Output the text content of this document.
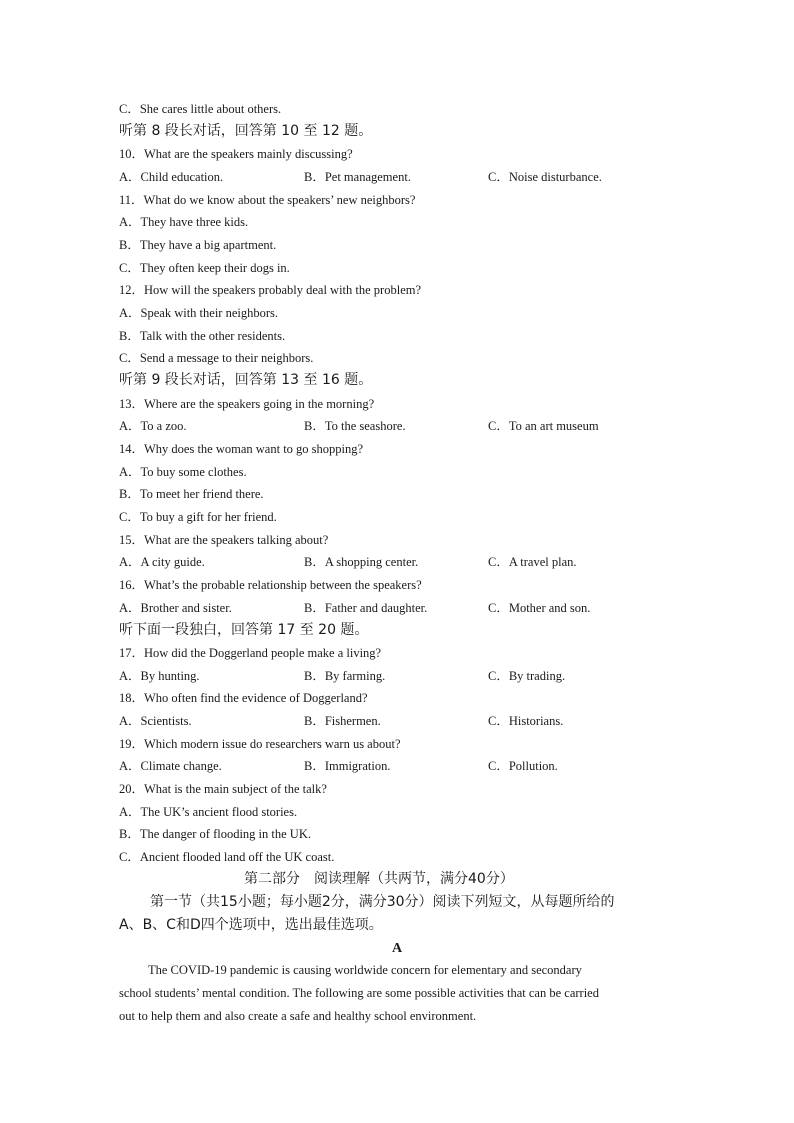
C．She cares little about others.
听第 8 段长对话，回答第 10 至 12 题。
10．What are the speakers mainly discussing?
A．Child education.	B．Pet management.	C．Noise disturbance.
11．What do we know about the speakers’ new neighbors?
A．They have three kids.
B．They have a big apartment.
C．They often keep their dogs in.
12．How will the speakers probably deal with the problem?
A．Speak with their neighbors.
B．Talk with the other residents.
C．Send a message to their neighbors.
听第 9 段长对话，回答第 13 至 16 题。
13．Where are the speakers going in the morning?
A．To a zoo.	B．To the seashore.	C．To an art museum
14．Why does the woman want to go shopping?
A．To buy some clothes.
B．To meet her friend there.
C．To buy a gift for her friend.
15．What are the speakers talking about?
A．A city guide.	B．A shopping center.	C．A travel plan.
16．What’s the probable relationship between the speakers?
A．Brother and sister.	B．Father and daughter.	C．Mother and son.
听下面一段独白，回答第 17 至 20 题。
17．How did the Doggerland people make a living?
A．By hunting.	B．By farming.	C．By trading.
18．Who often find the evidence of Doggerland?
A．Scientists.	B．Fishermen.	C．Historians.
19．Which modern issue do researchers warn us about?
A．Climate change.	B．Immigration.	C．Pollution.
20．What is the main subject of the talk?
A．The UK’s ancient flood stories.
B．The danger of flooding in the UK.
C．Ancient flooded land off the UK coast.
第二部分　阅读理解（共两节，满分40分）
第一节（共15小题；每小题2分，满分30分）阅读下列短文，从每题所给的
A、B、C和D四个选项中，选出最佳选项。
A
The COVID-19 pandemic is causing worldwide concern for elementary and secondary
school students’ mental condition. The following are some possible activities that can be carried
out to help them and also create a safe and healthy school environment.
